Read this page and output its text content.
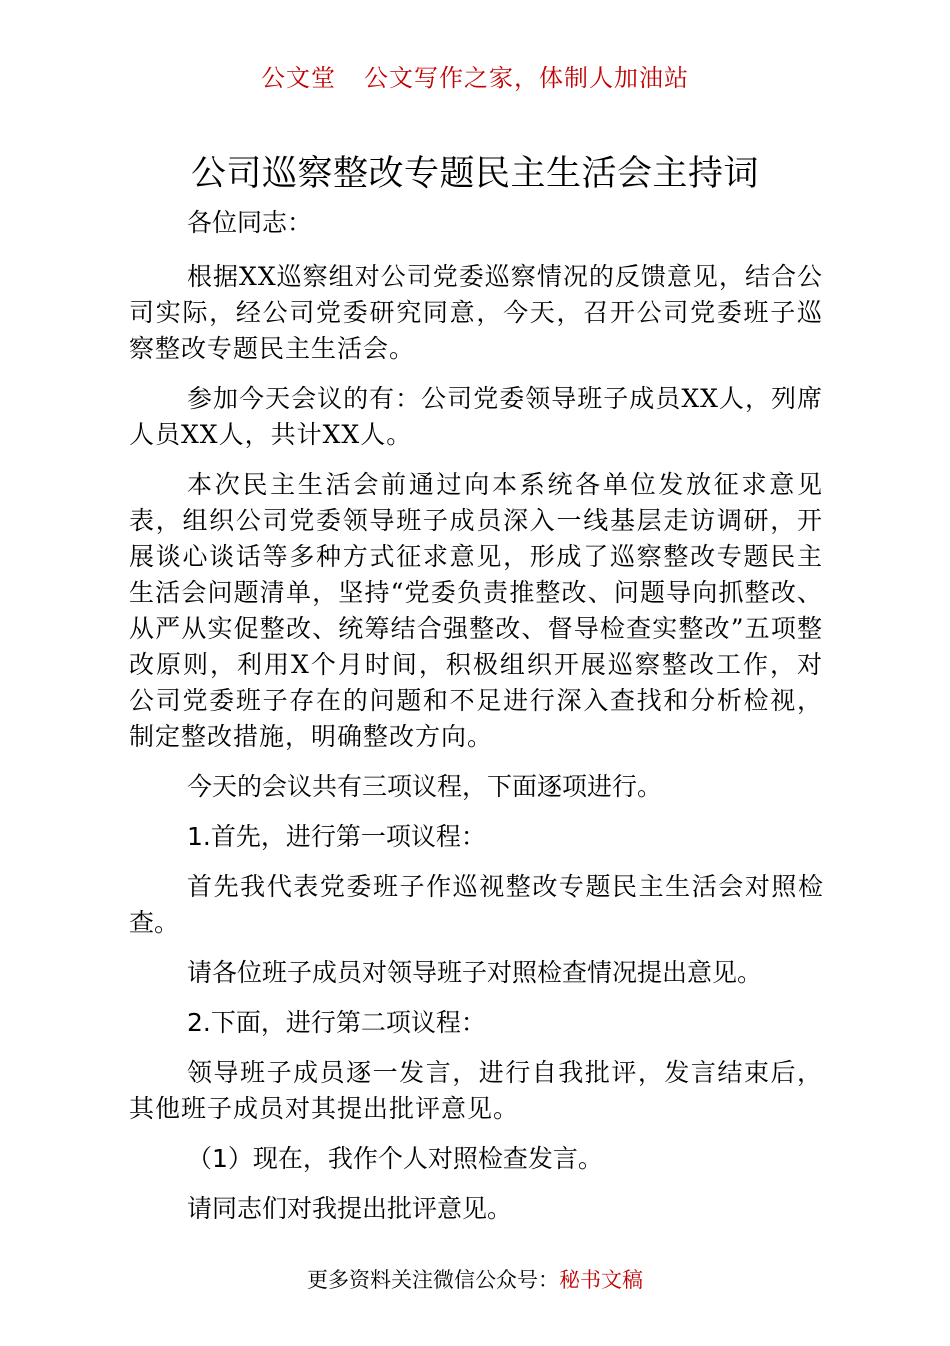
公文堂 公文写作之家，体制人加油站
公司巡察整改专题民主生活会主持词

各位同志：

根据XX巡察组对公司党委巡察情况的反馈意见，结合公司实际，经公司党委研究同意，今天，召开公司党委班子巡察整改专题民主生活会。

参加今天会议的有：公司党委领导班子成员XX人，列席人员XX人，共计XX人。

本次民主生活会前通过向本系统各单位发放征求意见表，组织公司党委领导班子成员深入一线基层走访调研，开展谈心谈话等多种方式征求意见，形成了巡察整改专题民主生活会问题清单，坚持“党委负责推整改、问题导向抓整改、从严从实促整改、统筹结合强整改、督导检查实整改”五项整改原则，利用X个月时间，积极组织开展巡察整改工作，对公司党委班子存在的问题和不足进行深入查找和分析检视，制定整改措施，明确整改方向。

今天的会议共有三项议程，下面逐项进行。

1.首先，进行第一项议程：

首先我代表党委班子作巡视整改专题民主生活会对照检查。

请各位班子成员对领导班子对照检查情况提出意见。

2.下面，进行第二项议程：

领导班子成员逐一发言，进行自我批评，发言结束后，其他班子成员对其提出批评意见。

（1）现在，我作个人对照检查发言。

请同志们对我提出批评意见。

更多资料关注微信公众号：秘书文稿
